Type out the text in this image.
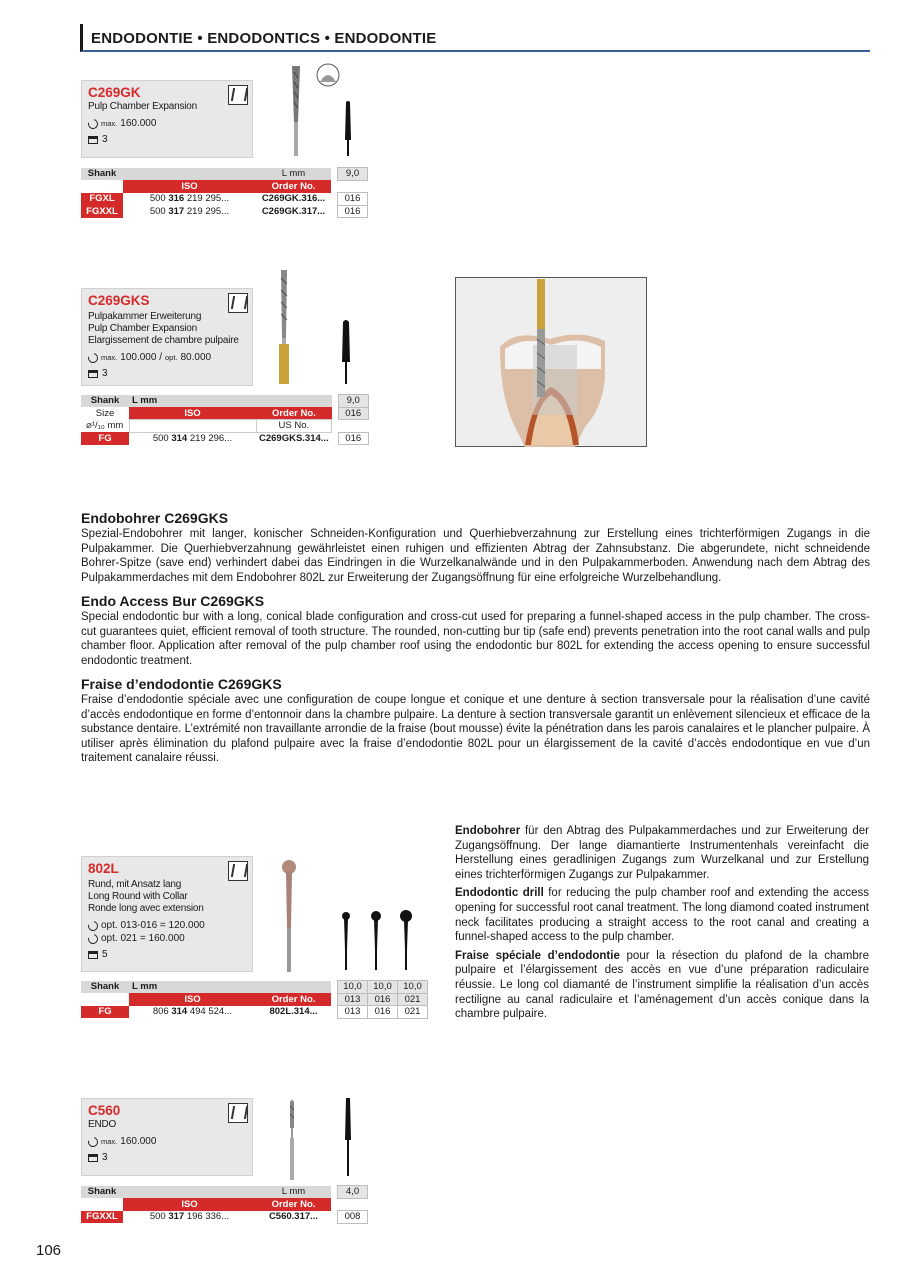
ENDODONTIE • ENDODONTICS • ENDODONTIE
C269GK
Pulp Chamber Expansion
max. 160.000
3
Shank		L mm		9,0
	ISO	Order No.		
FGXL	500 316 219 295...	C269GK.316...		016
FGXXL	500 317 219 295...	C269GK.317...		016
C269GKS
Pulpakammer Erweiterung
Pulp Chamber Expansion
Elargissement de chambre pulpaire
max. 100.000 / opt. 80.000
3
Shank	L mm			9,0
Size	ISO	Order No.		016
⌀¹/₁₀ mm		US No.		
FG	500 314 219 296...	C269GKS.314...		016
Endobohrer C269GKS

Spezial-Endobohrer mit langer, konischer Schneiden-Konfiguration und Querhiebverzahnung zur Erstellung eines trichterförmigen Zugangs in die Pulpakammer. Die Querhiebverzahnung gewährleistet einen ruhigen und effizienten Abtrag der Zahnsubstanz. Die abgerundete, nicht schneidende Bohrer-Spitze (save end) verhindert dabei das Eindringen in die Wurzelkanalwände und in den Pulpakammerboden. Anwendung nach dem Abtrag des Pulpakammerdaches mit dem Endobohrer 802L zur Erweiterung der Zugangsöffnung für eine erfolgreiche Wurzelbehandlung.

Endo Access Bur C269GKS

Special endodontic bur with a long, conical blade configuration and cross-cut used for preparing a funnel-shaped access in the pulp chamber. The cross-cut guarantees quiet, efficient removal of tooth structure. The rounded, non-cutting bur tip (safe end) prevents penetration into the root canal walls and pulp chamber floor. Application after removal of the pulp chamber roof using the endodontic bur 802L for extending the access opening to ensure successful endodontic treatment.

Fraise d’endodontie C269GKS

Fraise d’endodontie spéciale avec une configuration de coupe longue et conique et une denture à section transversale pour la réalisation d’une cavité d’accès endodontique en forme d’entonnoir dans la chambre pulpaire. La denture à section transversale garantit un enlèvement silencieux et efficace de la substance dentaire. L’extrémité non travaillante arrondie de la fraise (bout mousse) évite la pénétration dans les parois canalaires et le plancher pulpaire. À utiliser après élimination du plafond pulpaire avec la fraise d’endodontie 802L pour un élargissement de la cavité d’accès endodontique en vue d’un traitement canalaire réussi.

802L
Rund, mit Ansatz lang
Long Round with Collar
Ronde long avec extension
opt. 013-016 = 120.000
opt. 021 = 160.000
5
Shank	L mm			10,0	10,0	10,0
	ISO	Order No.		013	016	021
FG	806 314 494 524...	802L.314...		013	016	021

Endobohrer für den Abtrag des Pulpakammerdaches und zur Erweiterung der Zugangsöffnung. Der lange diamantierte Instrumentenhals vereinfacht die Herstellung eines geradlinigen Zugangs zum Wurzelkanal und zur Erstellung eines trichterförmigen Zugangs zur Pulpakammer.

Endodontic drill for reducing the pulp chamber roof and extending the access opening for successful root canal treatment. The long diamond coated instrument neck facilitates producing a straight access to the root canal and creating a funnel-shaped access to the pulp chamber.

Fraise spéciale d’endodontie pour la résection du plafond de la chambre pulpaire et l’élargissement des accès en vue d’une préparation radiculaire réussie. Le long col diamanté de l’instrument simplifie la réalisation d’un accès rectiligne au canal radiculaire et l’aménagement d’un accès conique dans la chambre pulpaire.

C560
ENDO
max. 160.000
3
Shank		L mm		4,0
	ISO	Order No.		
FGXXL	500 317 196 336...	C560.317...		008
106
